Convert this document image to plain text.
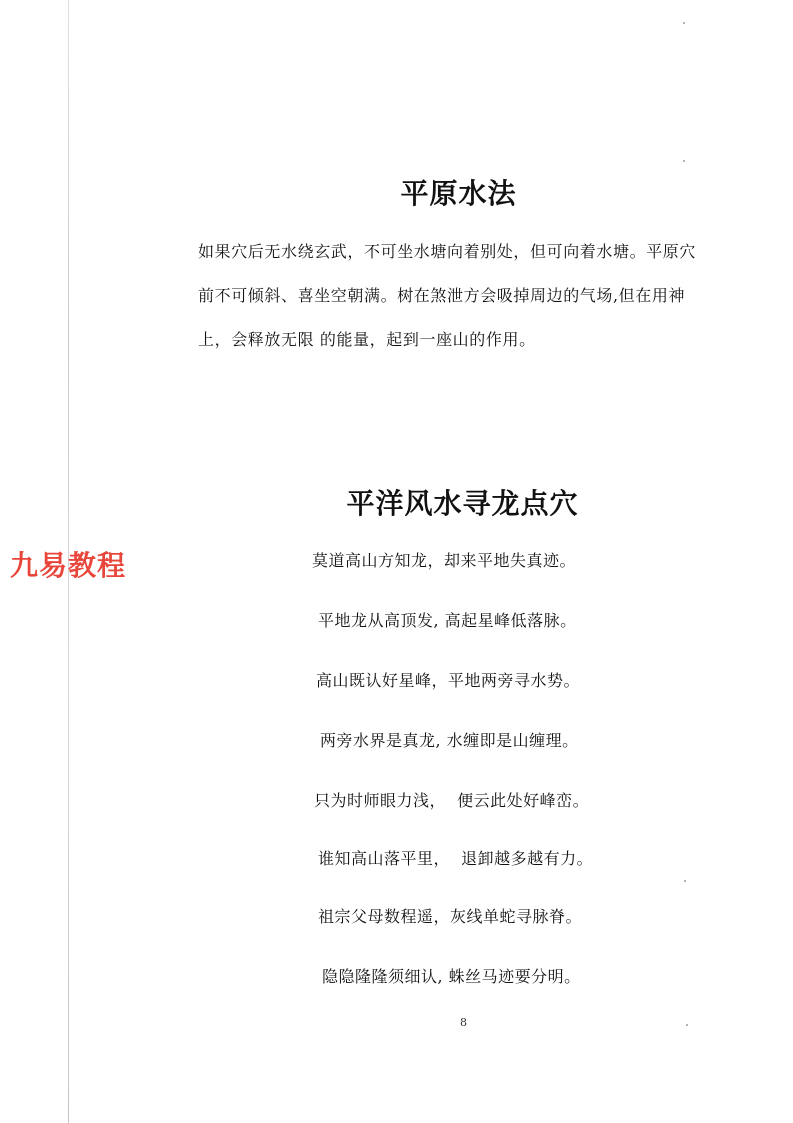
平原水法
如果穴后无水绕玄武，不可坐水塘向着别处，但可向着水塘。平原穴
前不可倾斜、喜坐空朝满。树在煞泄方会吸掉周边的气场,但在用神
上，会释放无限 的能量，起到一座山的作用。
九易教程
平洋风水寻龙点穴
莫道高山方知龙，却来平地失真迹。
平地龙从高顶发, 高起星峰低落脉。
高山既认好星峰，平地两旁寻水势。
两旁水界是真龙, 水缠即是山缠理。
只为时师眼力浅，  便云此处好峰峦。
谁知高山落平里，  退卸越多越有力。
祖宗父母数程遥，灰线单蛇寻脉脊。
隐隐隆隆须细认, 蛛丝马迹要分明。
8
